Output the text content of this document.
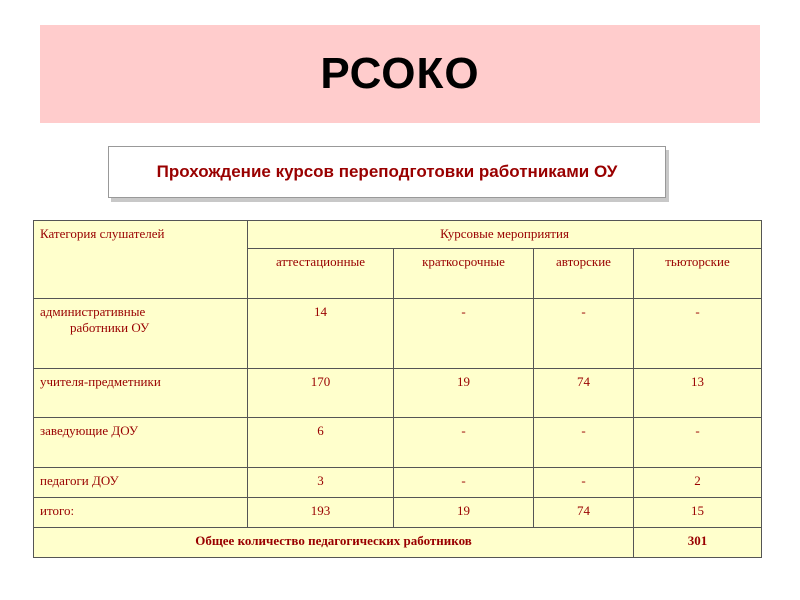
РСОКО
Прохождение курсов переподготовки работниками ОУ
Категория слушателей	Курсовые мероприятия			
	аттестационные	краткосрочные	авторские	тьюторские

административные
работники ОУ	14	-	-	-
учителя-предметники	170	19	74	13
заведующие ДОУ	6	-	-	-
педагоги ДОУ	3	-	-	2
итого:	193	19	74	15
Общее количество педагогических работников				301
